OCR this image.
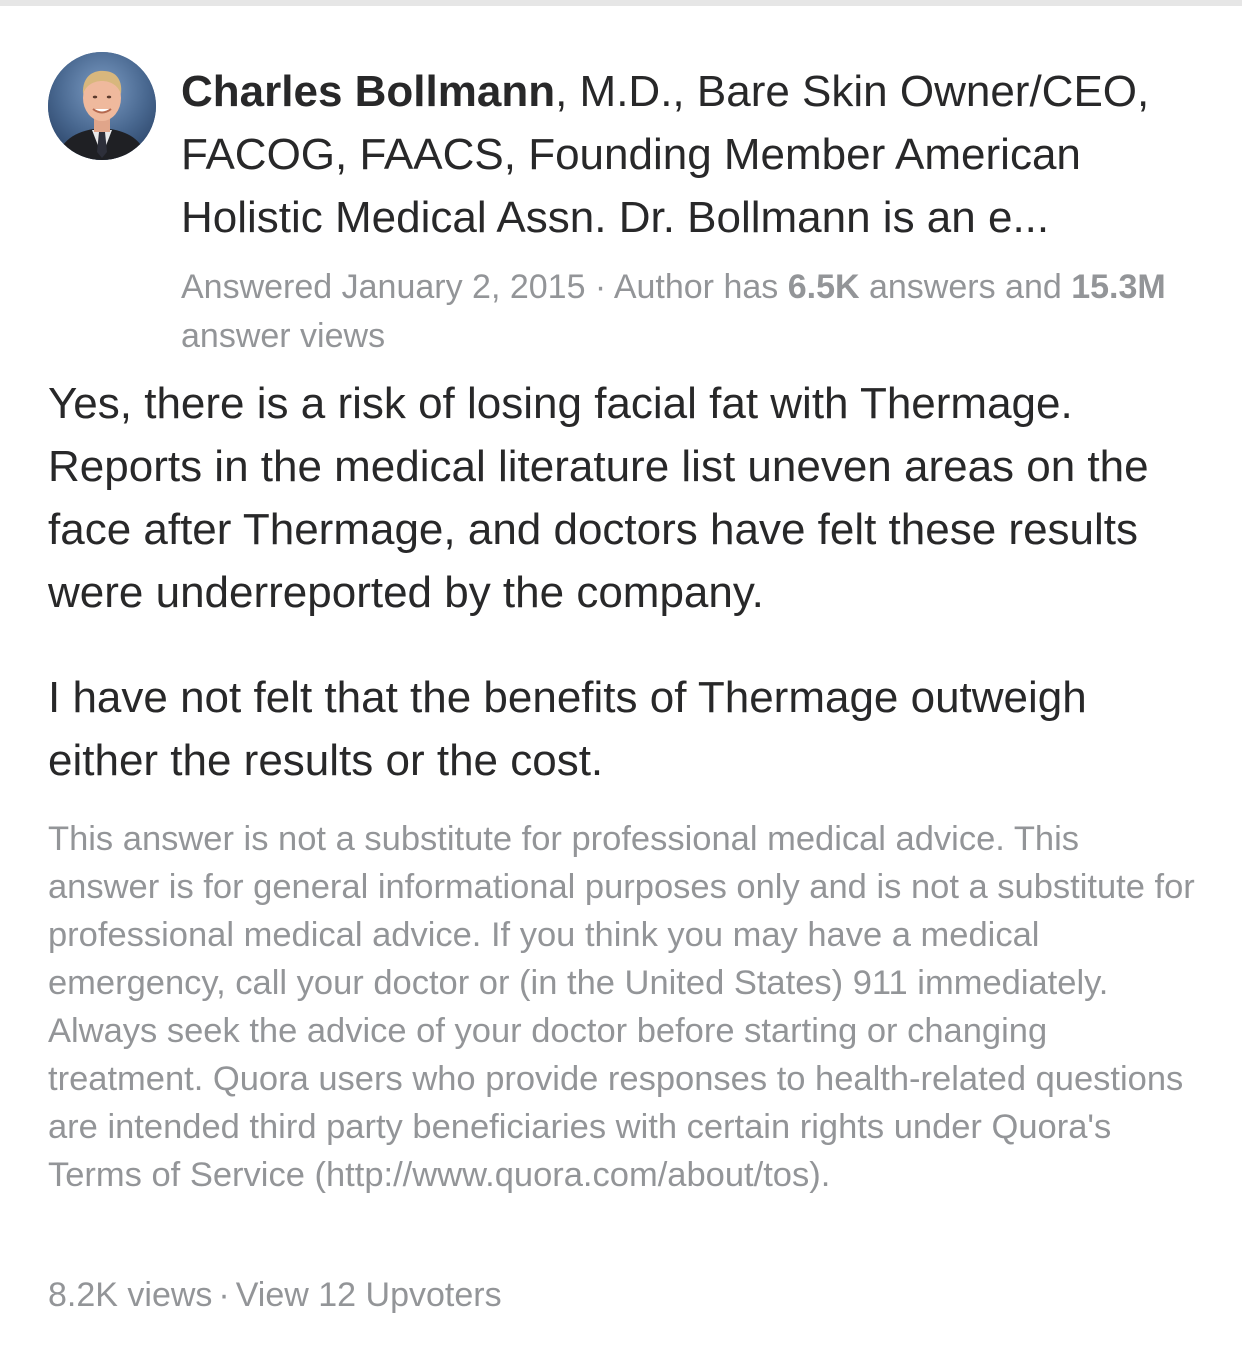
Charles Bollmann, M.D., Bare Skin Owner/CEO, FACOG, FAACS, Founding Member American Holistic Medical Assn. Dr. Bollmann is an e...

Answered January 2, 2015 · Author has 6.5K answers and 15.3M answer views

Yes, there is a risk of losing facial fat with Thermage. Reports in the medical literature list uneven areas on the face after Thermage, and doctors have felt these results were underreported by the company.

I have not felt that the benefits of Thermage outweigh either the results or the cost.

This answer is not a substitute for professional medical advice. This answer is for general informational purposes only and is not a substitute for professional medical advice. If you think you may have a medical emergency, call your doctor or (in the United States) 911 immediately. Always seek the advice of your doctor before starting or changing treatment. Quora users who provide responses to health-related questions are intended third party beneficiaries with certain rights under Quora's Terms of Service (http://www.quora.com/about/tos).
8.2K views · View 12 Upvoters
